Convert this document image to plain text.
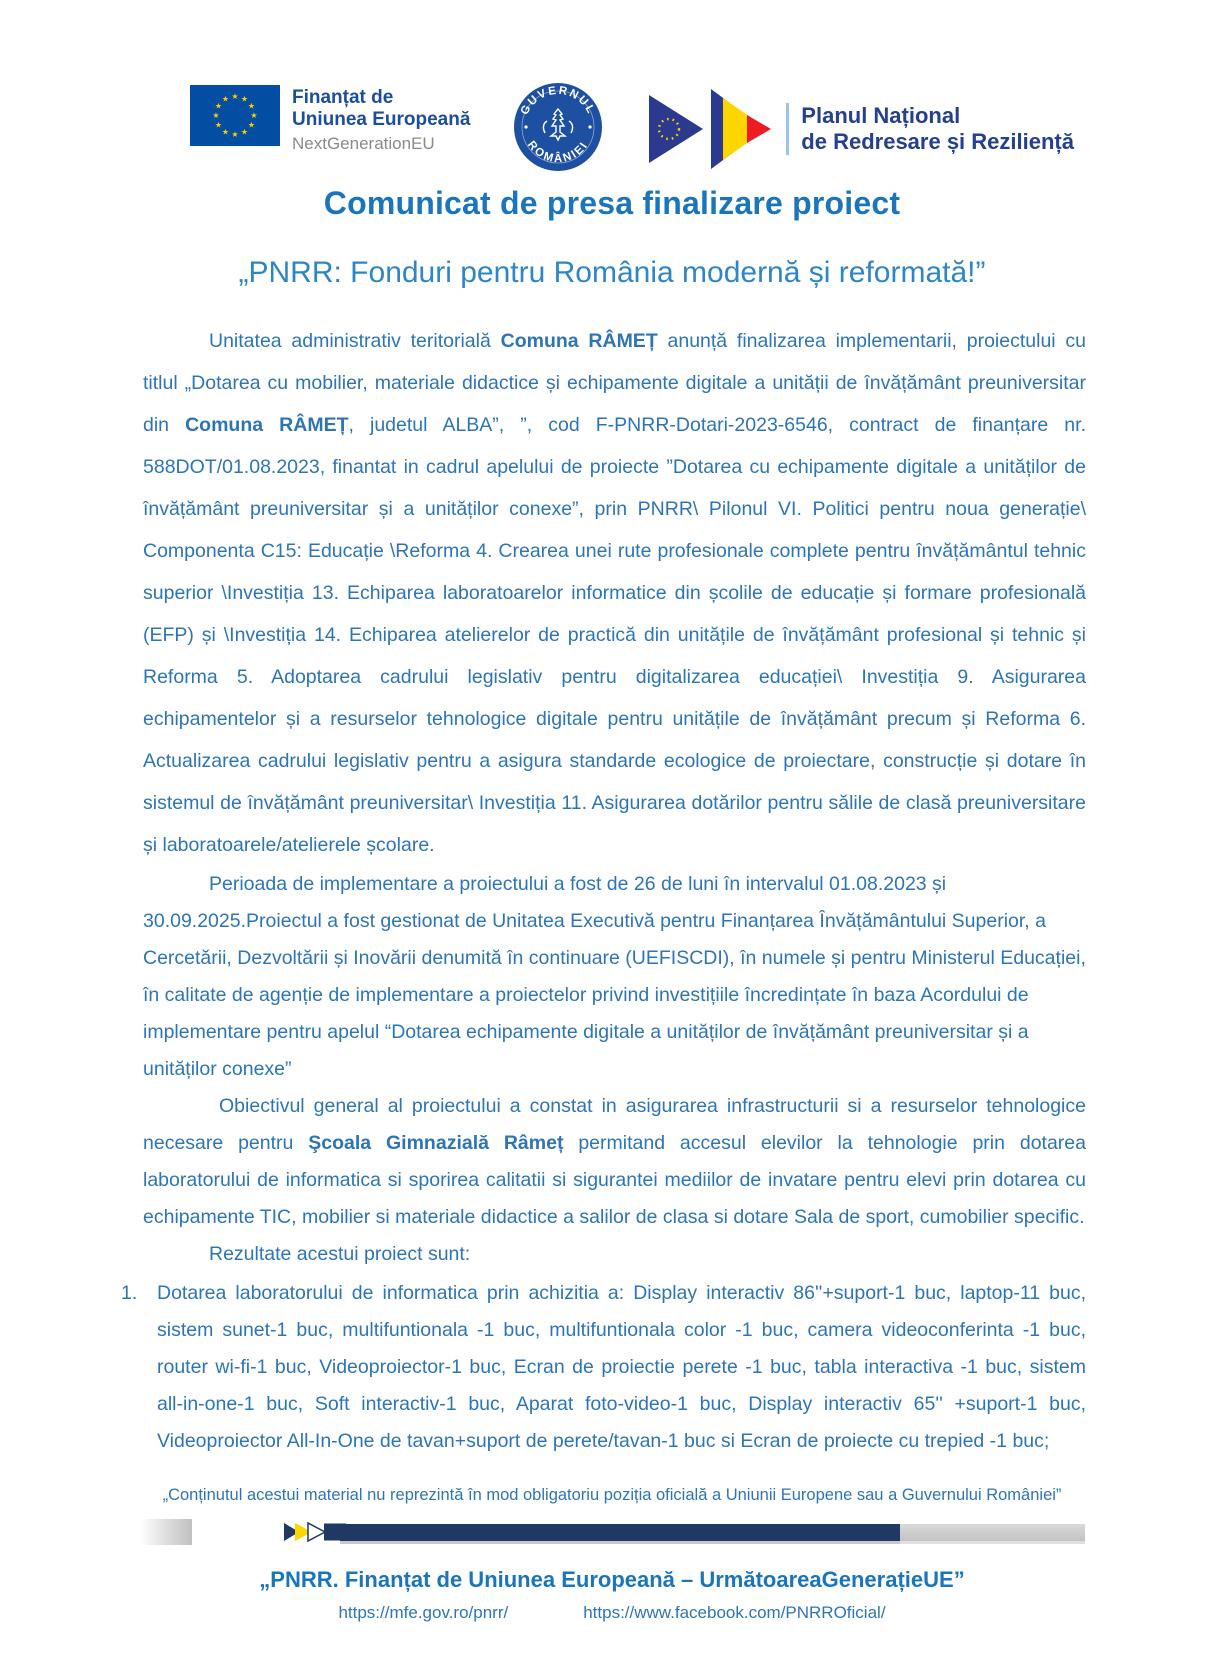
★ ★
★
★
★
★
★
★
★
★
★
★	Finanțat de
Uniunea Europeană
NextGenerationEU
GUVERNUL
ROMÂNIEI
Planul Național
de Redresare și Reziliență
Comunicat de presa finalizare proiect
„PNRR: Fonduri pentru România modernă și reformată!”

Unitatea administrativ teritorială Comuna RÂMEȚ anunță finalizarea implementarii, proiectului cu titlul „Dotarea cu mobilier, materiale didactice și echipamente digitale a unității de învățământ preuniversitar din Comuna RÂMEȚ, judetul ALBA”, ”, cod F-PNRR-Dotari-2023-6546, contract de finanțare nr. 588DOT/01.08.2023, finantat in cadrul apelului de proiecte ”Dotarea cu echipamente digitale a unităților de învățământ preuniversitar și a unităților conexe”, prin PNRR\ Pilonul VI. Politici pentru noua generație\ Componenta C15: Educație \Reforma 4. Crearea unei rute profesionale complete pentru învățământul tehnic superior \Investiția 13. Echiparea laboratoarelor informatice din școlile de educație și formare profesională (EFP) și \Investiția 14. Echiparea atelierelor de practică din unitățile de învățământ profesional și tehnic și Reforma 5. Adoptarea cadrului legislativ pentru digitalizarea educației\ Investiția 9. Asigurarea echipamentelor și a resurselor tehnologice digitale pentru unitățile de învățământ precum și Reforma 6. Actualizarea cadrului legislativ pentru a asigura standarde ecologice de proiectare, construcție și dotare în sistemul de învățământ preuniversitar\ Investiția 11. Asigurarea dotărilor pentru sălile de clasă preuniversitare și laboratoarele/atelierele școlare.

Perioada de implementare a proiectului a fost de 26 de luni în intervalul 01.08.2023 și 30.09.2025.Proiectul a fost gestionat de Unitatea Executivă pentru Finanțarea Învățământului Superior, a Cercetării, Dezvoltării și Inovării denumită în continuare (UEFISCDI), în numele și pentru Ministerul Educației, în calitate de agenție de implementare a proiectelor privind investițiile încredințate în baza Acordului de implementare pentru apelul “Dotarea echipamente digitale a unităților de învățământ preuniversitar și a unităților conexe”

Obiectivul general al proiectului a constat in asigurarea infrastructurii si a resurselor tehnologice necesare pentru Şcoala Gimnazială Râmeț permitand accesul elevilor la tehnologie prin dotarea laboratorului de informatica si sporirea calitatii si sigurantei mediilor de invatare pentru elevi prin dotarea cu echipamente TIC, mobilier si materiale didactice a salilor de clasa si dotare Sala de sport, cumobilier specific.

Rezultate acestui proiect sunt:

1.	Dotarea laboratorului de informatica prin achizitia a: Display interactiv 86''+suport-1 buc, laptop-11 buc, sistem sunet-1 buc, multifuntionala -1 buc, multifuntionala color -1 buc, camera videoconferinta -1 buc, router wi-fi-1 buc, Videoproiector-1 buc, Ecran de proiectie perete -1 buc, tabla interactiva -1 buc, sistem all-in-one-1 buc, Soft interactiv-1 buc, Aparat foto-video-1 buc, Display interactiv 65'' +suport-1 buc, Videoproiector All-In-One de tavan+suport de perete/tavan-1 buc si Ecran de proiecte cu trepied -1 buc;
„Conținutul acestui material nu reprezintă în mod obligatoriu poziția oficială a Uniunii Europene sau a Guvernului României”
„PNRR. Finanțat de Uniunea Europeană – UrmătoareaGenerațieUE”
https://mfe.gov.ro/pnrr/	https://www.facebook.com/PNRROficial/
